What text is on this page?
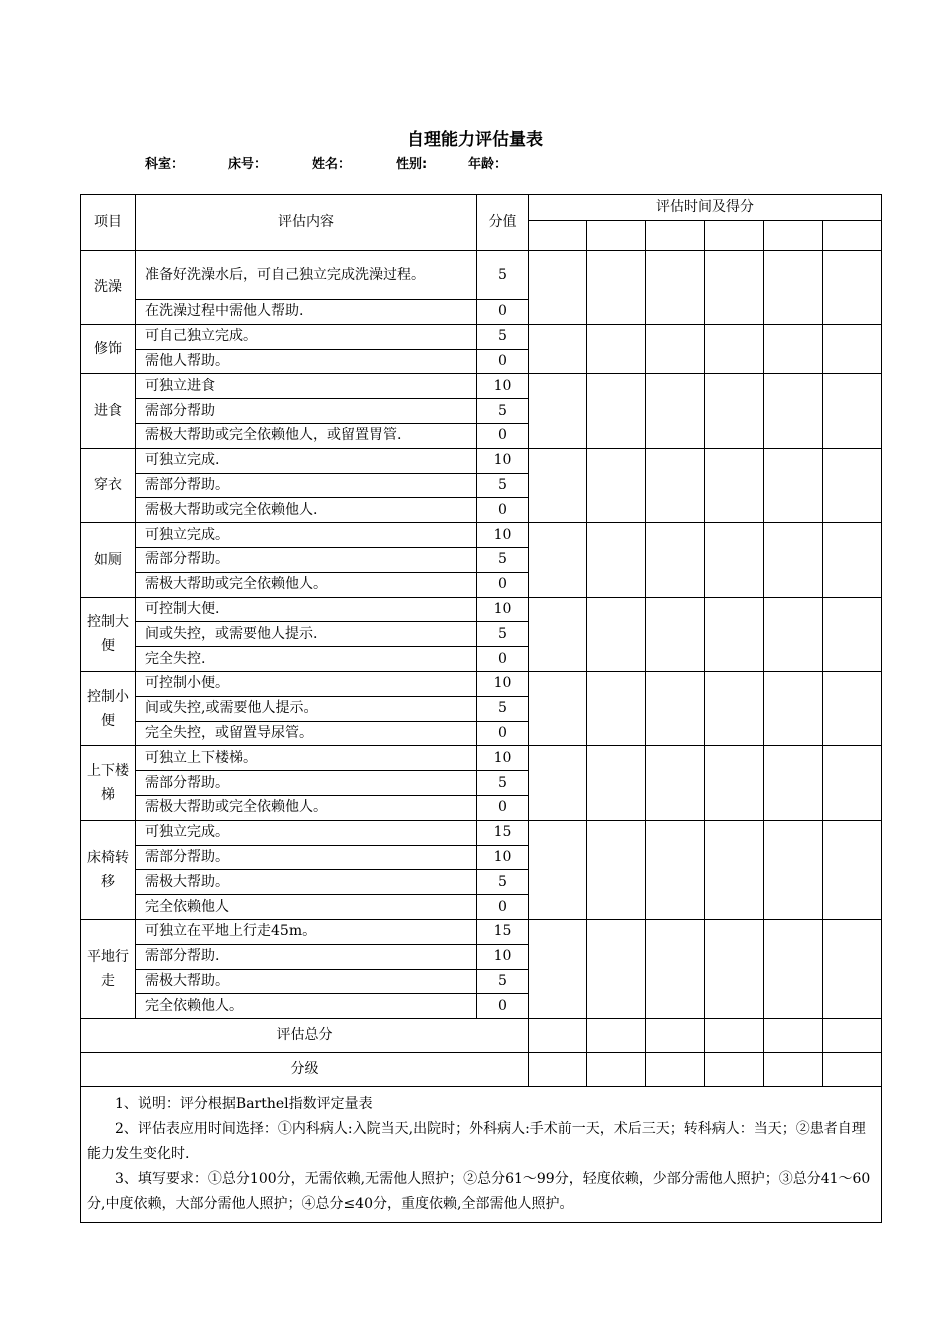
自理能力评估量表
科室：	床号：	姓名：	性别:	年龄：
项目	评估内容	分值	评估时间及得分					

洗澡	准备好洗澡水后，可自己独立完成洗澡过程。	5						
	在洗澡过程中需他人帮助.	0						
修饰	可自己独立完成。	5						
	需他人帮助。	0						
进食	可独立进食	10						
	需部分帮助	5						
	需极大帮助或完全依赖他人，或留置胃管.	0						
穿衣	可独立完成.	10						
	需部分帮助。	5						
	需极大帮助或完全依赖他人.	0						
如厕	可独立完成。	10						
	需部分帮助。	5						
	需极大帮助或完全依赖他人。	0						
控制大便	可控制大便.	10						
	间或失控，或需要他人提示.	5						
	完全失控.	0						
控制小便	可控制小便。	10						
	间或失控,或需要他人提示。	5						
	完全失控，或留置导尿管。	0						
上下楼梯	可独立上下楼梯。	10						
	需部分帮助。	5						
	需极大帮助或完全依赖他人。	0						
床椅转移	可独立完成。	15						
	需部分帮助。	10						
	需极大帮助。	5						
	完全依赖他人	0						
平地行走	可独立在平地上行走45m。	15						
	需部分帮助.	10						
	需极大帮助。	5						
	完全依赖他人。	0						
评估总分								
分级								

1、说明：评分根据Barthel指数评定量表

2、评估表应用时间选择：①内科病人:入院当天,出院时；外科病人:手术前一天，术后三天；转科病人：当天；②患者自理能力发生变化时.

3、填写要求：①总分100分，无需依赖,无需他人照护；②总分61～99分，轻度依赖，少部分需他人照护；③总分41～60分,中度依赖，大部分需他人照护；④总分≤40分，重度依赖,全部需他人照护。								
